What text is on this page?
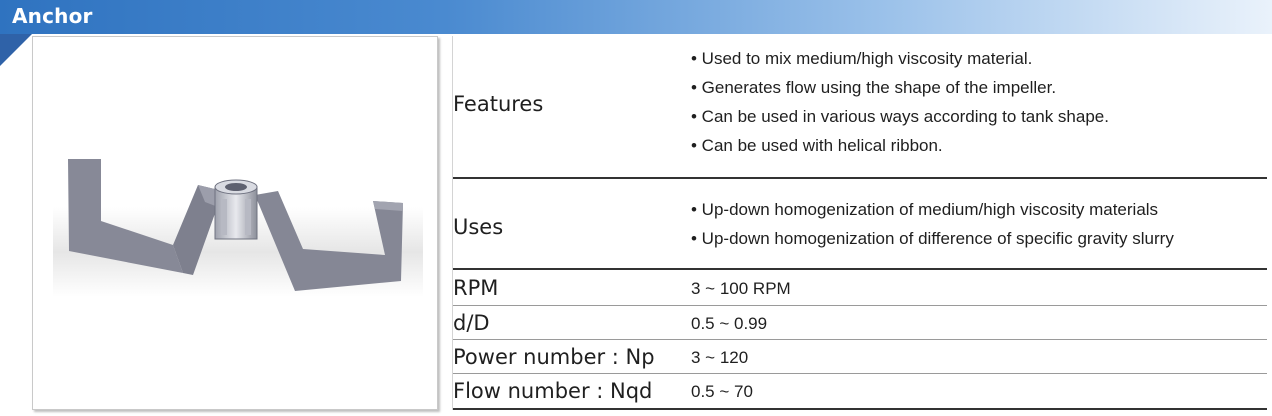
Anchor
Features
• Used to mix medium/high viscosity material.
• Generates flow using the shape of the impeller.
• Can be used in various ways according to tank shape.
• Can be used with helical ribbon.
Uses
• Up-down homogenization of medium/high viscosity materials
• Up-down homogenization of difference of specific gravity slurry
RPM	3 ~ 100 RPM
d/D	0.5 ~ 0.99
Power number : Np 3 ~ 120
Flow number : Nqd 0.5 ~ 70
